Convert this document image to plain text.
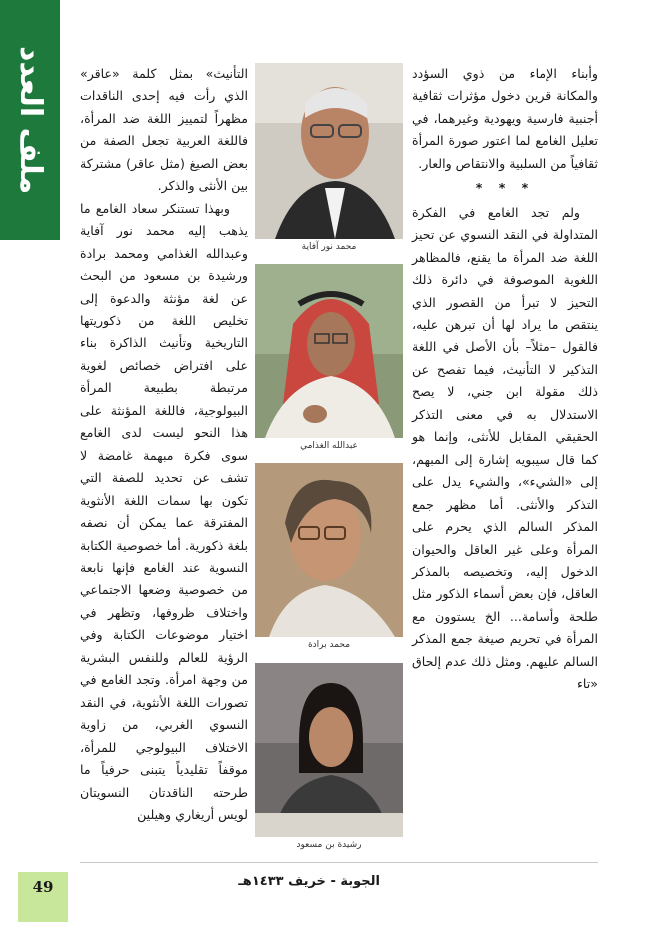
ملف العدد	وأبناء الإماء من ذوي السؤدد والمكانة قرين دخول مؤثرات ثقافية أجنبية فارسية ويهودية وغيرهما، في تعليل الغامع لما اعتور صورة المرأة ثقافياً من السلبية والانتقاص والعار.

* * *

ولم تجد الغامع في الفكرة المتداولة في النقد النسوي عن تحيز اللغة ضد المرأة ما يقنع، فالمظاهر اللغوية الموصوفة في دائرة ذلك التحيز لا تبرأ من القصور الذي ينتقص ما يراد لها أن تبرهن عليه، فالقول –مثلاً– بأن الأصل في اللغة التذكير لا التأنيث، فيما تفصح عن ذلك مقولة ابن جني، لا يصح الاستدلال به في معنى التذكر الحقيقي المقابل للأنثى، وإنما هو كما قال سيبويه إشارة إلى المبهم، إلى «الشيء»، والشيء يدل على التذكر والأنثى. أما مظهر جمع المذكر السالم الذي يحرم على المرأة وعلى غير العاقل والحيوان الدخول إليه، وتخصيصه بالمذكر العاقل، فإن بعض أسماء الذكور مثل طلحة وأسامة... الخ يستوون مع المرأة في تحريم صيغة جمع المذكر السالم عليهم. ومثل ذلك عدم إلحاق «تاء

محمد نور آفاية
عبدالله الغذامي
محمد برادة
رشيدة بن مسعود

التأنيث» بمثل كلمة «عاقر» الذي رأت فيه إحدى الناقدات مظهراً لتمييز اللغة ضد المرأة، فاللغة العربية تجعل الصفة من بعض الصيغ (مثل عاقر) مشتركة بين الأنثى والذكر.

وبهذا تستنكر سعاد الغامع ما يذهب إليه محمد نور آفاية وعبدالله الغذامي ومحمد برادة ورشيدة بن مسعود من البحث عن لغة مؤنثة والدعوة إلى تخليص اللغة من ذكوريتها التاريخية وتأنيث الذاكرة بناء على افتراض خصائص لغوية مرتبطة بطبيعة المرأة البيولوجية، فاللغة المؤنثة على هذا النحو ليست لدى الغامع سوى فكرة مبهمة غامضة لا تشف عن تحديد للصفة التي تكون بها سمات اللغة الأنثوية المفترقة عما يمكن أن نصفه بلغة ذكورية. أما خصوصية الكتابة النسوية عند الغامع فإنها نابعة من خصوصية وضعها الاجتماعي واختلاف ظروفها، وتظهر في اختيار موضوعات الكتابة وفي الرؤية للعالم وللنفس البشرية من وجهة امرأة. وتجد الغامع في تصورات اللغة الأنثوية، في النقد النسوي الغربي، من زاوية الاختلاف البيولوجي للمرأة، موقفاً تقليدياً يتبنى حرفياً ما طرحته الناقدتان النسويتان لويس أريغاري وهيلين

49	الجوبة - خريف ١٤٣٣هـ
